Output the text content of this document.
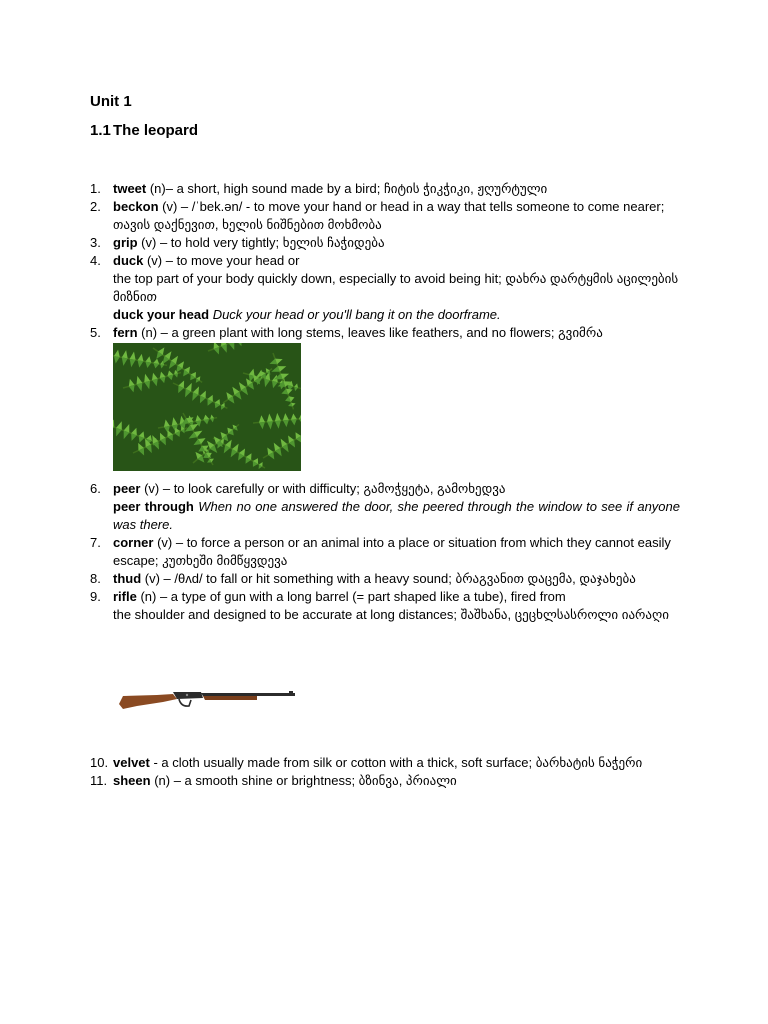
Unit 1
1.1 The leopard
1. tweet (n)– a short, high sound made by a bird; ჩიტის ჭიკჭიკი, ჟღურტული
2. beckon (v) – /ˈbek.ən/ - to move your hand or head in a way that tells someone to come nearer; თავის დაქნევით, ხელის ნიშნებით მოხმობა
3. grip (v) – to hold very tightly; ხელის ჩაჭიდება
4. duck (v) – to move your head or
the top part of your body quickly down, especially to avoid being hit; დახრა დარტყმის აცილების მიზნით
duck your head Duck your head or you'll bang it on the doorframe.
5. fern (n) – a green plant with long stems, leaves like feathers, and no flowers; გვიმრა
6. peer (v) – to look carefully or with difficulty; გამოჭყეტა, გამოხედვა

peer through When no one answered the door, she peered through the window to see if anyone was there.
7. corner (v) – to force a person or an animal into a place or situation from which they cannot easily escape; კუთხეში მიმწყვდევა
8. thud (v) – /θʌd/ to fall or hit something with a heavy sound; ბრაგვანით დაცემა, დაჯახება
9. rifle (n) – a type of gun with a long barrel (= part shaped like a tube), fired from
the shoulder and designed to be accurate at long distances; შაშხანა, ცეცხლსასროლი იარაღი
10. velvet - a cloth usually made from silk or cotton with a thick, soft surface; ბარხატის ნაჭერი
11. sheen (n) – a smooth shine or brightness; ბზინვა, პრიალი
